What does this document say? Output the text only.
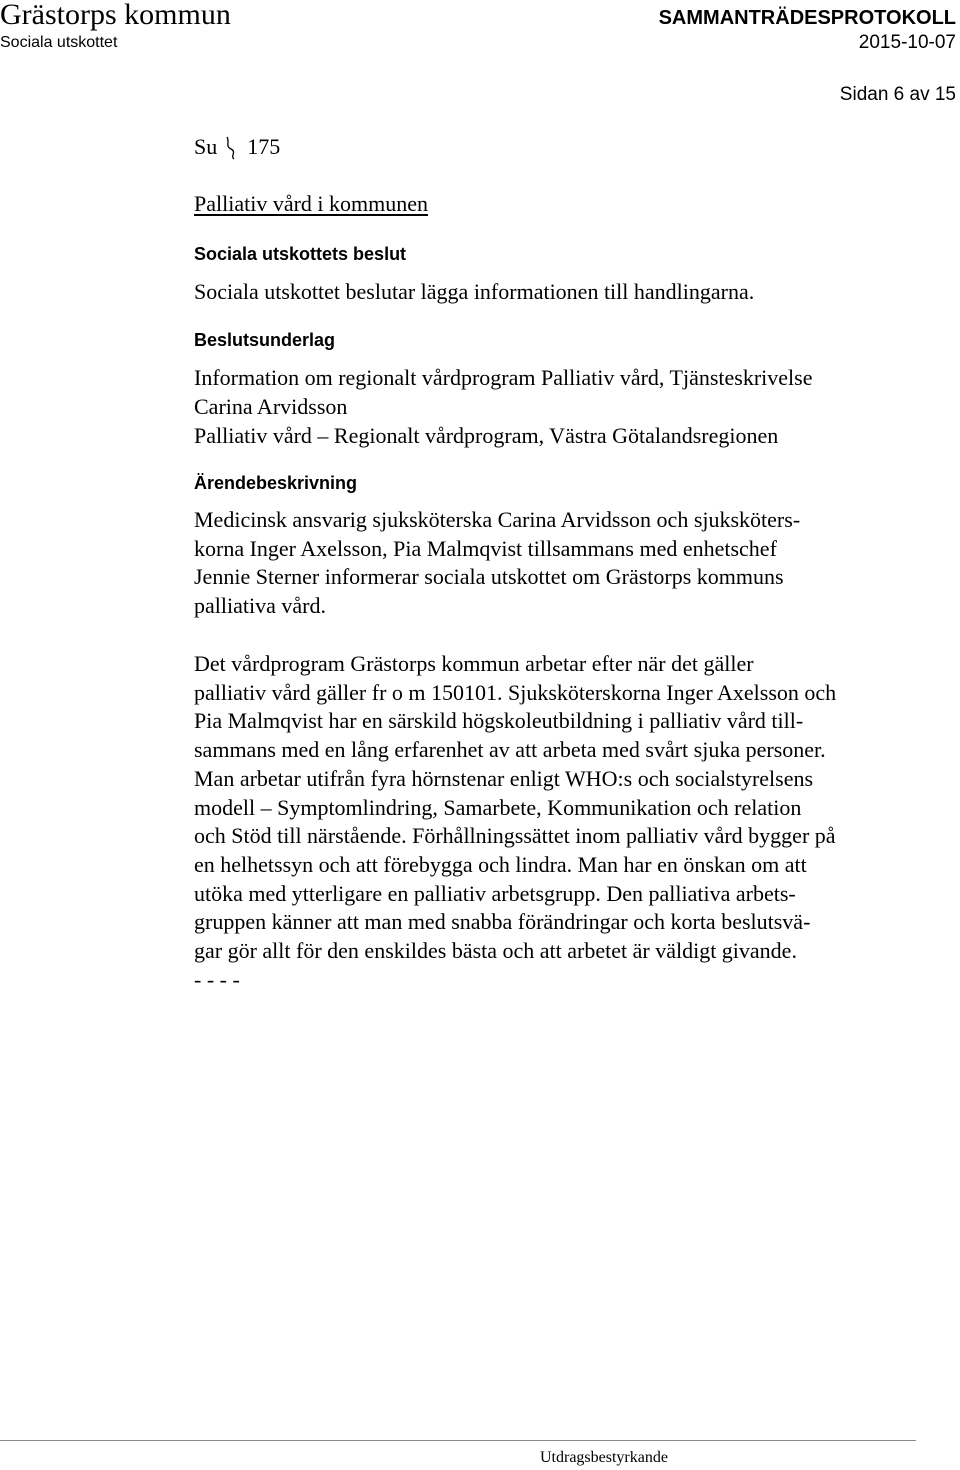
Grästorps kommun
Sociala utskottet
SAMMANTRÄDESPROTOKOLL
2015-10-07
Sidan 6 av 15
Su 175
Palliativ vård i kommunen
Sociala utskottets beslut
Sociala utskottet beslutar lägga informationen till handlingarna.
Beslutsunderlag
Information om regionalt vårdprogram Palliativ vård, Tjänsteskrivelse
Carina Arvidsson
Palliativ vård – Regionalt vårdprogram, Västra Götalandsregionen
Ärendebeskrivning
Medicinsk ansvarig sjuksköterska Carina Arvidsson och sjuksköters-
korna Inger Axelsson, Pia Malmqvist tillsammans med enhetschef
Jennie Sterner informerar sociala utskottet om Grästorps kommuns
palliativa vård.
Det vårdprogram Grästorps kommun arbetar efter när det gäller
palliativ vård gäller fr o m 150101. Sjuksköterskorna Inger Axelsson och
Pia Malmqvist har en särskild högskoleutbildning i palliativ vård till-
sammans med en lång erfarenhet av att arbeta med svårt sjuka personer.
Man arbetar utifrån fyra hörnstenar enligt WHO:s och socialstyrelsens
modell – Symptomlindring, Samarbete, Kommunikation och relation
och Stöd till närstående. Förhållningssättet inom palliativ vård bygger på
en helhetssyn och att förebygga och lindra. Man har en önskan om att
utöka med ytterligare en palliativ arbetsgrupp. Den palliativa arbets-
gruppen känner att man med snabba förändringar och korta beslutsvä-
gar gör allt för den enskildes bästa och att arbetet är väldigt givande.
- - - -
Utdragsbestyrkande
